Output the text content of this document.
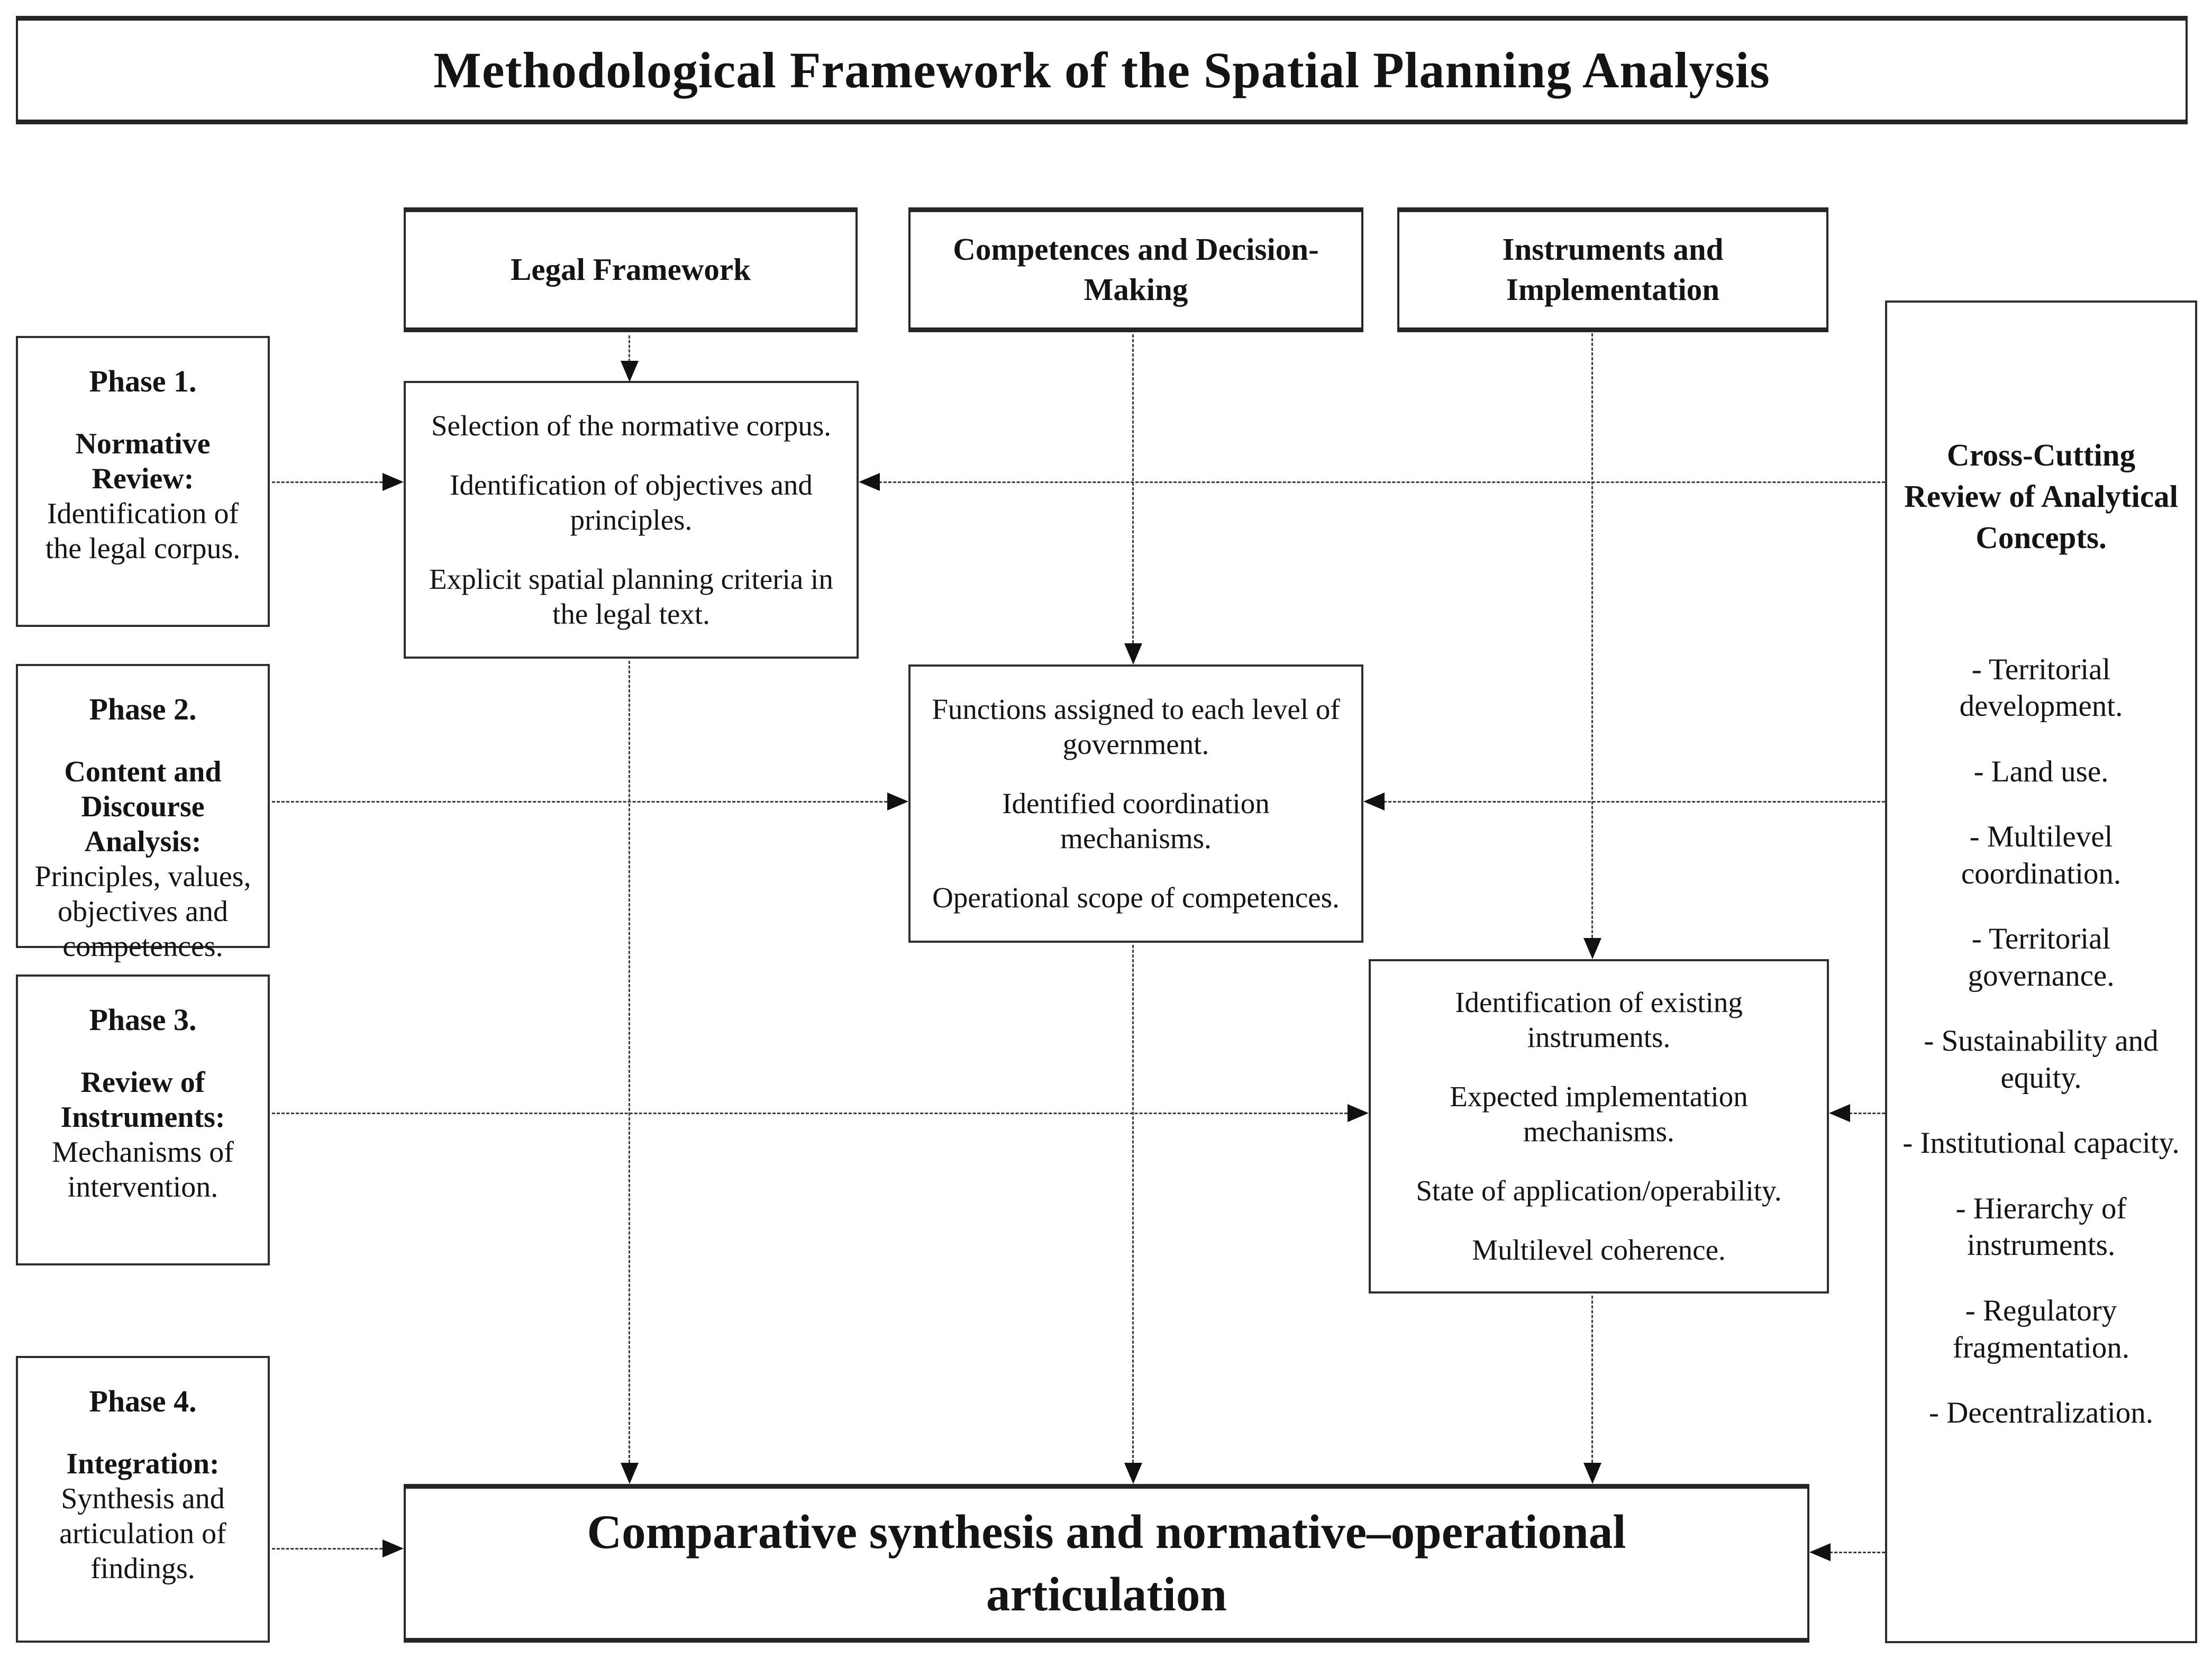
Methodological Framework of the Spatial Planning Analysis
Legal Framework
Competences and Decision-Making
Instruments and Implementation
Phase 1.

Normative Review: Identification of the legal corpus.

Phase 2.

Content and Discourse Analysis: Principles, values, objectives and competences.

Phase 3.

Review of Instruments: Mechanisms of intervention.

Phase 4.

Integration: Synthesis and articulation of findings.

Selection of the normative corpus.

Identification of objectives and principles.

Explicit spatial planning criteria in the legal text.

Functions assigned to each level of government.

Identified coordination mechanisms.

Operational scope of competences.

Identification of existing instruments.

Expected implementation mechanisms.

State of application/operability.

Multilevel coherence.

Cross-Cutting Review of Analytical Concepts.
- Territorial development.
- Land use.
- Multilevel coordination.
- Territorial governance.
- Sustainability and equity.
- Institutional capacity.
- Hierarchy of instruments.
- Regulatory fragmentation.
- Decentralization.
Comparative synthesis and normative–operational articulation
